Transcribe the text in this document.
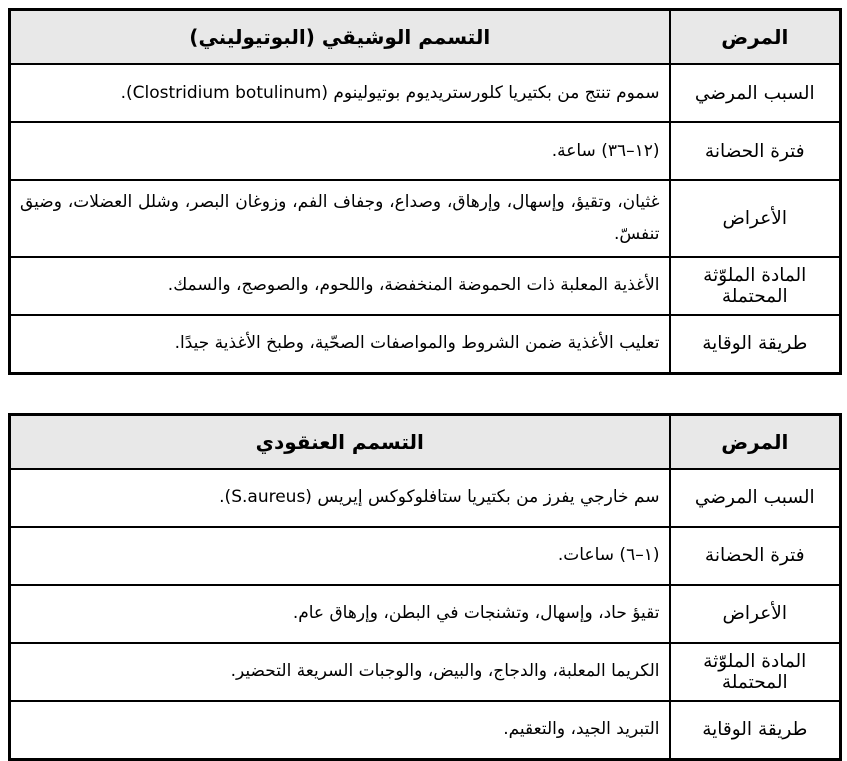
التسمم الوشيقي (البوتيوليني)	المرض
سموم تنتج من بكتيريا كلورستريديوم بوتيولينوم (Clostridium botulinum).	السبب المرضي
(١٢–٣٦) ساعة.	فترة الحضانة
غثيان، وتقيؤ، وإسهال، وإرهاق، وصداع، وجفاف الفم، وزوغان البصر، وشلل العضلات، وضيق تنفسّ.	الأعراض
الأغذية المعلبة ذات الحموضة المنخفضة، واللحوم، والصوصج، والسمك.	المادة الملوّثة المحتملة
تعليب الأغذية ضمن الشروط والمواصفات الصحّية، وطبخ الأغذية جيدًا.	طريقة الوقاية
التسمم العنقودي	المرض
سم خارجي يفرز من بكتيريا ستافلوكوكس إيريس (S.aureus).	السبب المرضي
(١–٦) ساعات.	فترة الحضانة
تقيؤ حاد، وإسهال، وتشنجات في البطن، وإرهاق عام.	الأعراض
الكريما المعلبة، والدجاج، والبيض، والوجبات السريعة التحضير.	المادة الملوّثة المحتملة
التبريد الجيد، والتعقيم.	طريقة الوقاية
